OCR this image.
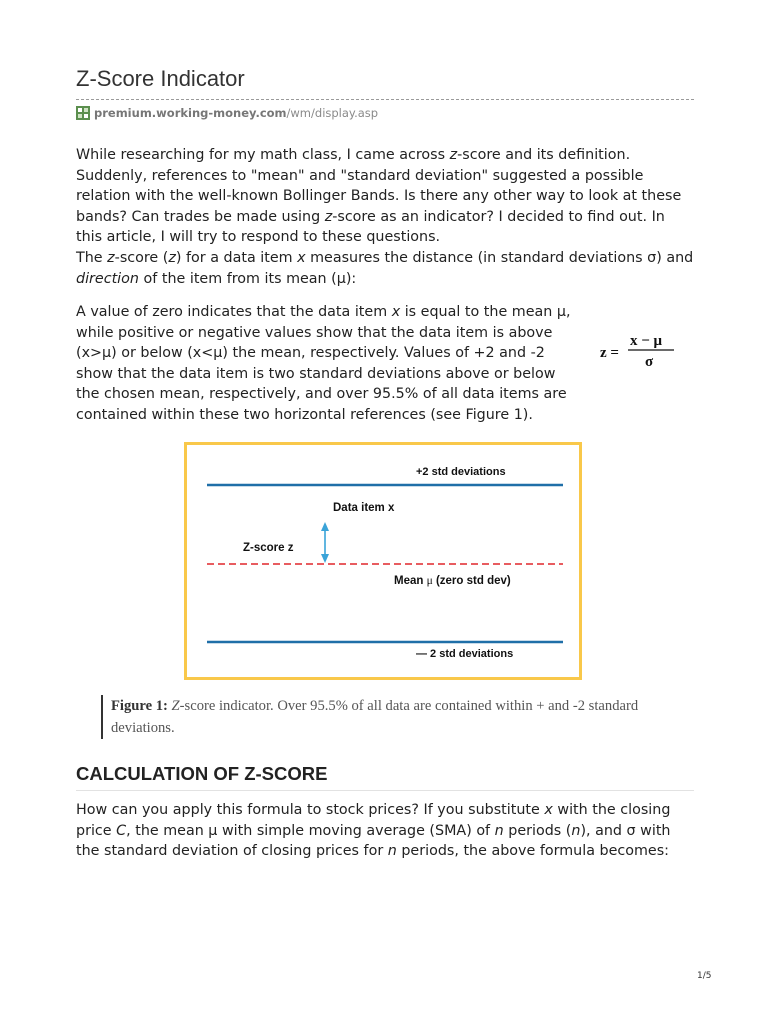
Z-Score Indicator
premium.working-money.com/wm/display.asp
While researching for my math class, I came across z-score and its definition. Suddenly, references to "mean" and "standard deviation" suggested a possible relation with the well-known Bollinger Bands. Is there any other way to look at these bands? Can trades be made using z-score as an indicator? I decided to find out. In this article, I will try to respond to these questions.
The z-score (z) for a data item x measures the distance (in standard deviations σ) and direction of the item from its mean (μ):
A value of zero indicates that the data item x is equal to the mean μ, while positive or negative values show that the data item is above (x>μ) or below (x<μ) the mean, respectively. Values of +2 and -2 show that the data item is two standard deviations above or below the chosen mean, respectively, and over 95.5% of all data items are contained within these two horizontal references (see Figure 1).
z =
x − μ
σ
+2 std deviations
Data item x
Z-score z
Mean μ (zero std dev)
— 2 std deviations
Figure 1: Z-score indicator. Over 95.5% of all data are contained within + and -2 standard deviations.
CALCULATION OF Z-SCORE
How can you apply this formula to stock prices? If you substitute x with the closing price C, the mean μ with simple moving average (SMA) of n periods (n), and σ with the standard deviation of closing prices for n periods, the above formula becomes:
1/5
